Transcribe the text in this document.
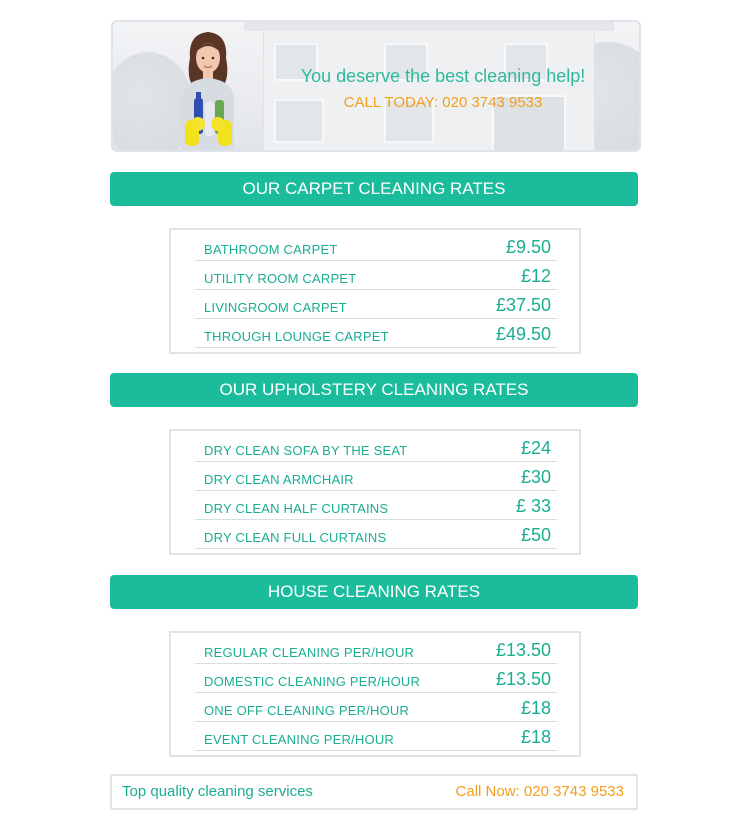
You deserve the best cleaning help!
CALL TODAY: 020 3743 9533
OUR CARPET CLEANING RATES
BATHROOM CARPET	£9.50
UTILITY ROOM CARPET	£12
LIVINGROOM CARPET	£37.50
THROUGH LOUNGE CARPET	£49.50
OUR UPHOLSTERY CLEANING RATES
DRY CLEAN SOFA BY THE SEAT	£24
DRY CLEAN ARMCHAIR	£30
DRY CLEAN HALF CURTAINS	£ 33
DRY CLEAN FULL CURTAINS	£50
HOUSE CLEANING RATES
REGULAR CLEANING PER/HOUR	£13.50
DOMESTIC CLEANING PER/HOUR	£13.50
ONE OFF CLEANING PER/HOUR	£18
EVENT CLEANING PER/HOUR	£18
Top quality cleaning services	Call Now: 020 3743 9533
